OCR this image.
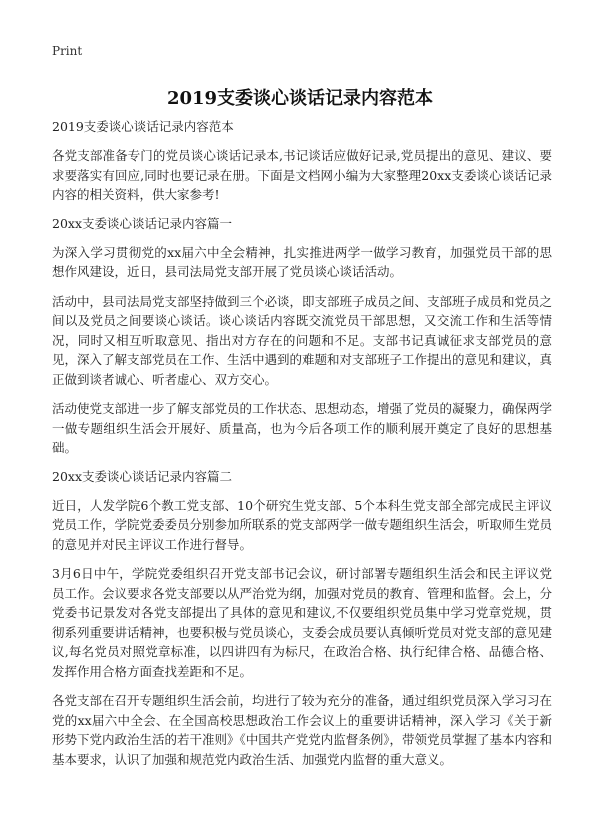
Print
2019支委谈心谈话记录内容范本

2019支委谈心谈话记录内容范本

各党支部准备专门的党员谈心谈话记录本,书记谈话应做好记录,党员提出的意见、建议、要求要落实有回应,同时也要记录在册。下面是文档网小编为大家整理20xx支委谈心谈话记录内容的相关资料，供大家参考!

20xx支委谈心谈话记录内容篇一

为深入学习贯彻党的xx届六中全会精神，扎实推进两学一做学习教育，加强党员干部的思想作风建设，近日，县司法局党支部开展了党员谈心谈话活动。

活动中，县司法局党支部坚持做到三个必谈，即支部班子成员之间、支部班子成员和党员之间以及党员之间要谈心谈话。谈心谈话内容既交流党员干部思想，又交流工作和生活等情况，同时又相互听取意见、指出对方存在的问题和不足。支部书记真诚征求支部党员的意见，深入了解支部党员在工作、生活中遇到的难题和对支部班子工作提出的意见和建议，真正做到谈者诚心、听者虚心、双方交心。

活动使党支部进一步了解支部党员的工作状态、思想动态，增强了党员的凝聚力，确保两学一做专题组织生活会开展好、质量高，也为今后各项工作的顺利展开奠定了良好的思想基础。

20xx支委谈心谈话记录内容篇二

近日，人发学院6个教工党支部、10个研究生党支部、5个本科生党支部全部完成民主评议党员工作，学院党委委员分别参加所联系的党支部两学一做专题组织生活会，听取师生党员的意见并对民主评议工作进行督导。

3月6日中午，学院党委组织召开党支部书记会议，研讨部署专题组织生活会和民主评议党员工作。会议要求各党支部要以从严治党为纲，加强对党员的教育、管理和监督。会上，分党委书记景发对各党支部提出了具体的意见和建议,不仅要组织党员集中学习党章党规，贯彻系列重要讲话精神，也要积极与党员谈心，支委会成员要认真倾听党员对党支部的意见建议,每名党员对照党章标准，以四讲四有为标尺，在政治合格、执行纪律合格、品德合格、发挥作用合格方面查找差距和不足。

各党支部在召开专题组织生活会前，均进行了较为充分的准备，通过组织党员深入学习习在党的xx届六中全会、在全国高校思想政治工作会议上的重要讲话精神，深入学习《关于新形势下党内政治生活的若干准则》《中国共产党党内监督条例》，带领党员掌握了基本内容和基本要求，认识了加强和规范党内政治生活、加强党内监督的重大意义。
